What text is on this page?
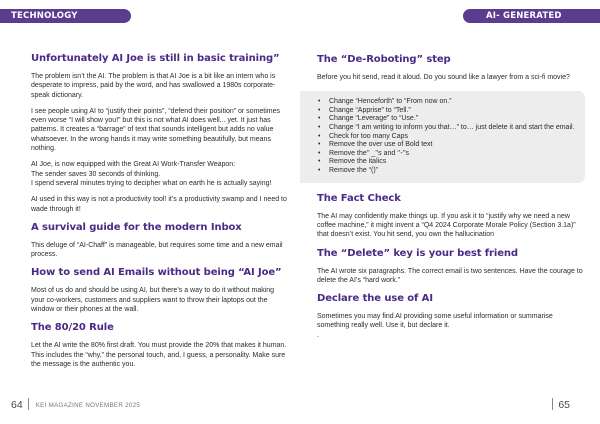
TECHNOLOGY
Unfortunately AI Joe is still in basic training”

The problem isn’t the AI. The problem is that AI Joe is a bit like an intern who is desperate to impress, paid by the word, and has swallowed a 1980s corporate-speak dictionary.

I see people using AI to “justify their points”, “defend their position” or sometimes even worse “I will show you!” but this is not what AI does well... yet. It just has patterns. It creates a “barrage” of text that sounds intelligent but adds no value whatsoever. In the wrong hands it may write something beautifully, but means nothing.

AI Joe, is now equipped with the Great AI Work-Transfer Weapon:

The sender saves 30 seconds of thinking.

I spend several minutes trying to decipher what on earth he is actually saying!

AI used in this way is not a productivity tool! it’s a productivity swamp and I need to wade through it!

A survival guide for the modern Inbox

This deluge of “AI-Chaff” is manageable, but requires some time and a new email process.

How to send AI Emails without being “AI Joe”

Most of us do and should be using AI, but there’s a way to do it without making your co-workers, customers and suppliers want to throw their laptops out the window or their phones at the wall.

The 80/20 Rule

Let the AI write the 80% first draft. You must provide the 20% that makes it human. This includes the “why,” the personal touch, and, I guess, a personality. Make sure the message is the authentic you.

64 KEI MAGAZINE NOVEMBER 2025
AI- GENERATED EMAILS
The “De-Roboting” step

Before you hit send, read it aloud. Do you sound like a lawyer from a sci-fi movie?

• Change “Henceforth” to “From now on.”
• Change “Apprise” to “Tell.”
• Change “Leverage” to “Use.”
• Change “I am writing to inform you that…” to… just delete it and start the email.
• Check for too many Caps
• Remove the over use of Bold text
• Remove the’’ _’’s and ‘’-’’s
• Remove the italics
• Remove the “()”
The Fact Check

The AI may confidently make things up. If you ask it to “justify why we need a new coffee machine,” it might invent a “Q4 2024 Corporate Morale Policy (Section 3.1a)” that doesn’t exist. You hit send, you own the hallucination

The “Delete” key is your best friend

The AI wrote six paragraphs. The correct email is two sentences. Have the courage to delete the AI’s “hard work.”

Declare the use of AI

Sometimes you may find AI providing some useful information or summarise something really well. Use it, but declare it.

.

65
